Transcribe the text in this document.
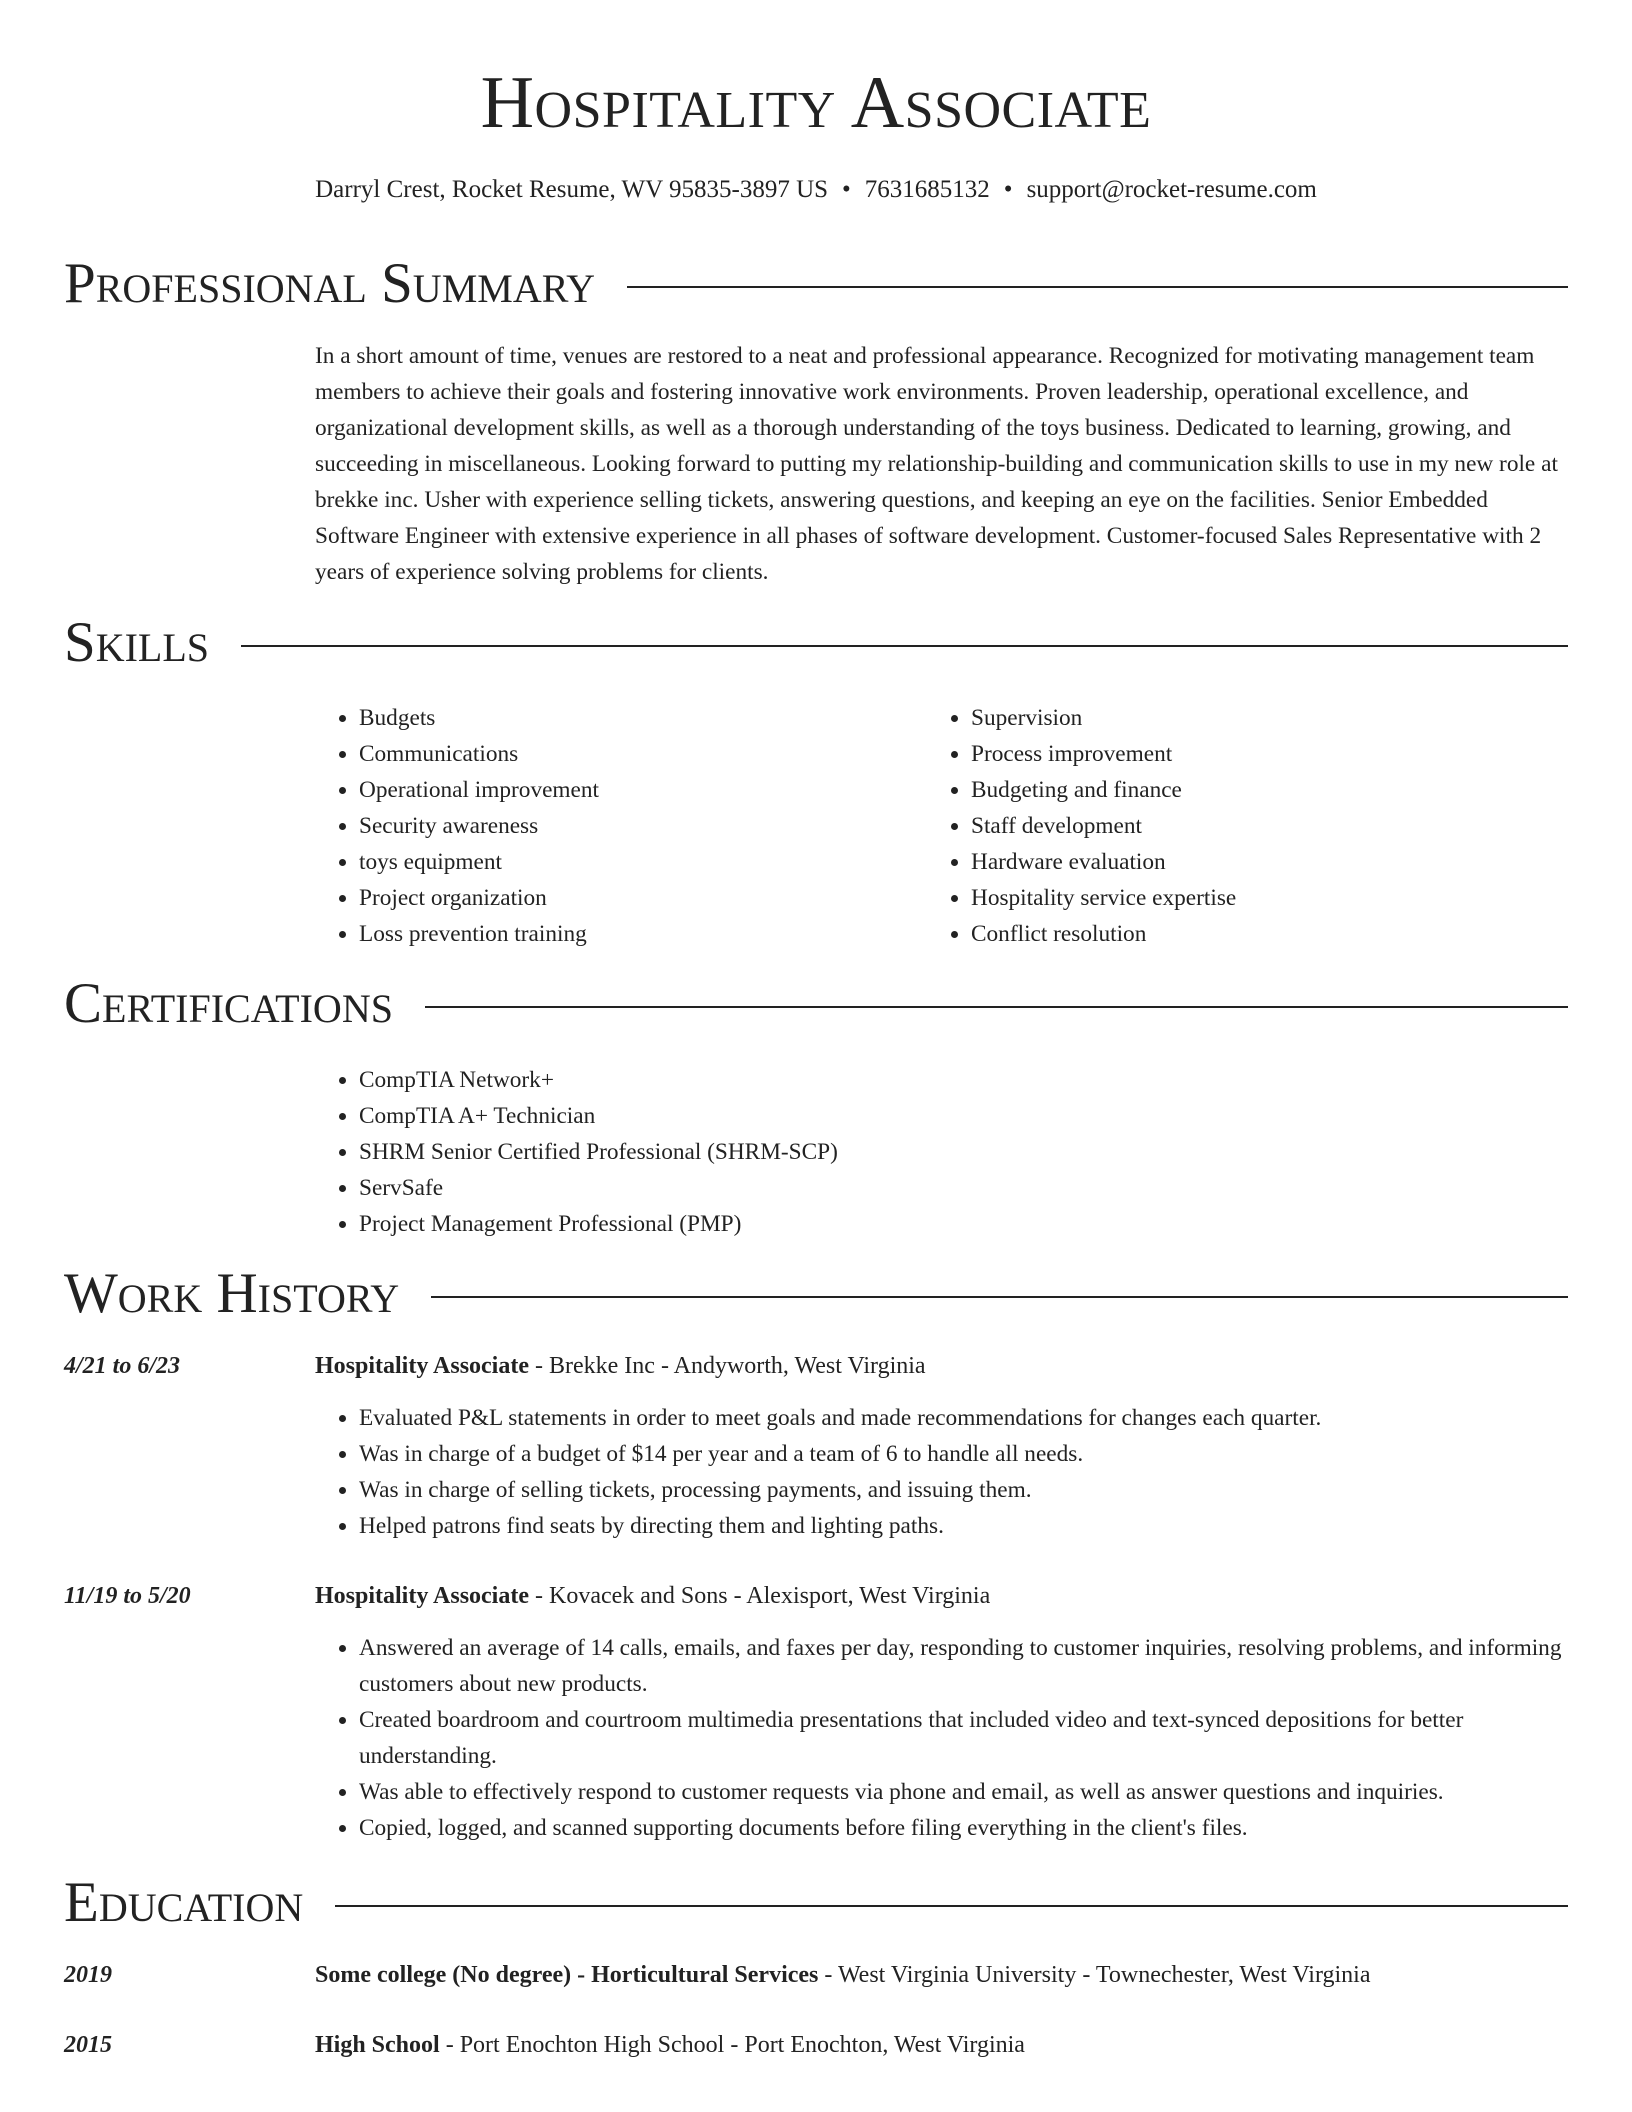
Hospitality Associate
Darryl Crest, Rocket Resume, WV 95835-3897 US • 7631685132 • support@rocket-resume.com
Professional Summary

In a short amount of time, venues are restored to a neat and professional appearance. Recognized for motivating management team members to achieve their goals and fostering innovative work environments. Proven leadership, operational excellence, and organizational development skills, as well as a thorough understanding of the toys business. Dedicated to learning, growing, and succeeding in miscellaneous. Looking forward to putting my relationship-building and communication skills to use in my new role at brekke inc. Usher with experience selling tickets, answering questions, and keeping an eye on the facilities. Senior Embedded Software Engineer with extensive experience in all phases of software development. Customer-focused Sales Representative with 2 years of experience solving problems for clients.

Skills
• Budgets
• Communications
• Operational improvement
• Security awareness
• toys equipment
• Project organization
• Loss prevention training
• Supervision
• Process improvement
• Budgeting and finance
• Staff development
• Hardware evaluation
• Hospitality service expertise
• Conflict resolution
Certifications
• CompTIA Network+
• CompTIA A+ Technician
• SHRM Senior Certified Professional (SHRM-SCP)
• ServSafe
• Project Management Professional (PMP)
Work History
4/21 to 6/23	Hospitality Associate - Brekke Inc - Andyworth, West Virginia
• Evaluated P&L statements in order to meet goals and made recommendations for changes each quarter.
• Was in charge of a budget of $14 per year and a team of 6 to handle all needs.
• Was in charge of selling tickets, processing payments, and issuing them.
• Helped patrons find seats by directing them and lighting paths.
11/19 to 5/20	Hospitality Associate - Kovacek and Sons - Alexisport, West Virginia
• Answered an average of 14 calls, emails, and faxes per day, responding to customer inquiries, resolving problems, and informing customers about new products.
• Created boardroom and courtroom multimedia presentations that included video and text-synced depositions for better understanding.
• Was able to effectively respond to customer requests via phone and email, as well as answer questions and inquiries.
• Copied, logged, and scanned supporting documents before filing everything in the client's files.
Education
2019	Some college (No degree) - Horticultural Services - West Virginia University - Townechester, West Virginia
2015	High School - Port Enochton High School - Port Enochton, West Virginia
